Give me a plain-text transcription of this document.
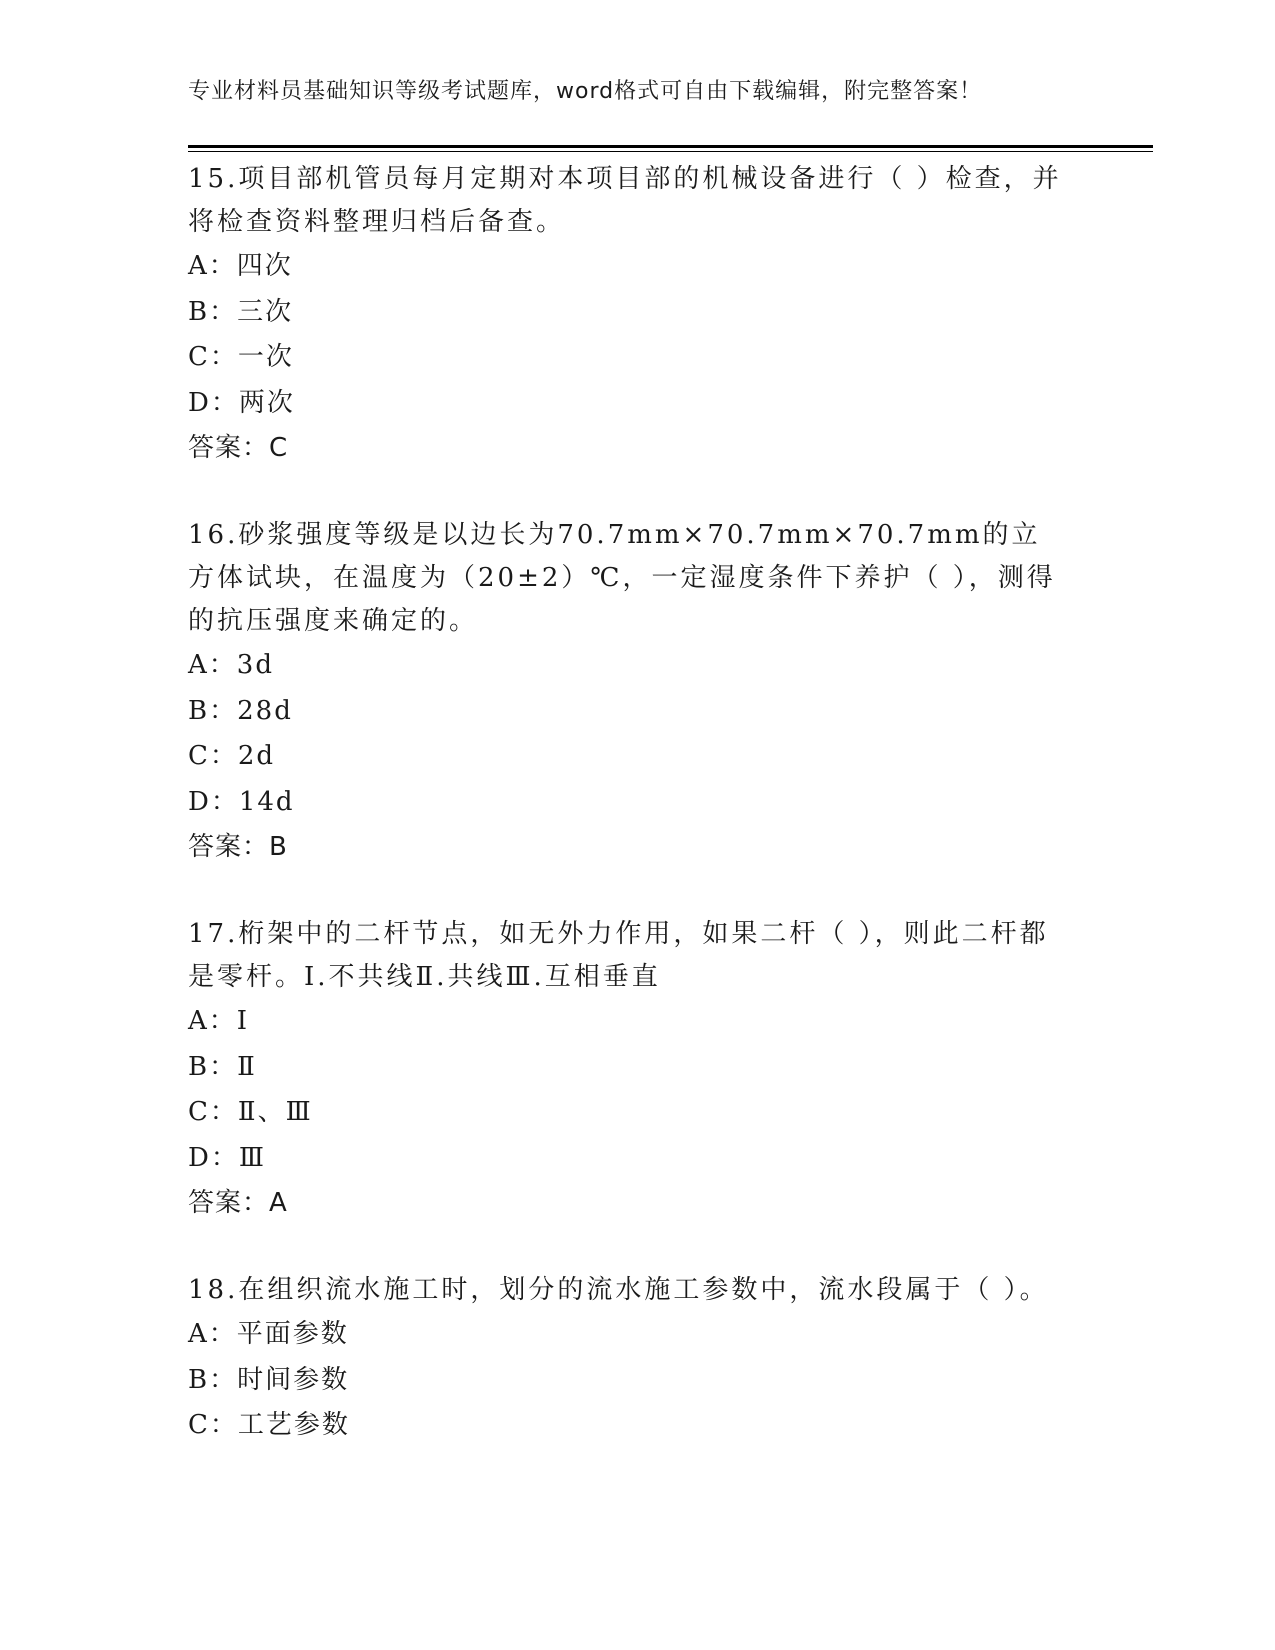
专业材料员基础知识等级考试题库，word格式可自由下载编辑，附完整答案！

15.项目部机管员每月定期对本项目部的机械设备进行（ ）检查，并将检查资料整理归档后备查。

A：四次

B：三次

C：一次

D：两次

答案：C

16.砂浆强度等级是以边长为70.7mm×70.7mm×70.7mm的立方体试块，在温度为（20±2）℃，一定湿度条件下养护（ ），测得的抗压强度来确定的。

A：3d

B：28d

C：2d

D：14d

答案：B

17.桁架中的二杆节点，如无外力作用，如果二杆（ ），则此二杆都是零杆。I.不共线Ⅱ.共线Ⅲ.互相垂直

A：I

B：Ⅱ

C：Ⅱ、Ⅲ

D：Ⅲ

答案：A

18.在组织流水施工时，划分的流水施工参数中，流水段属于（ ）。

A：平面参数

B：时间参数

C：工艺参数
